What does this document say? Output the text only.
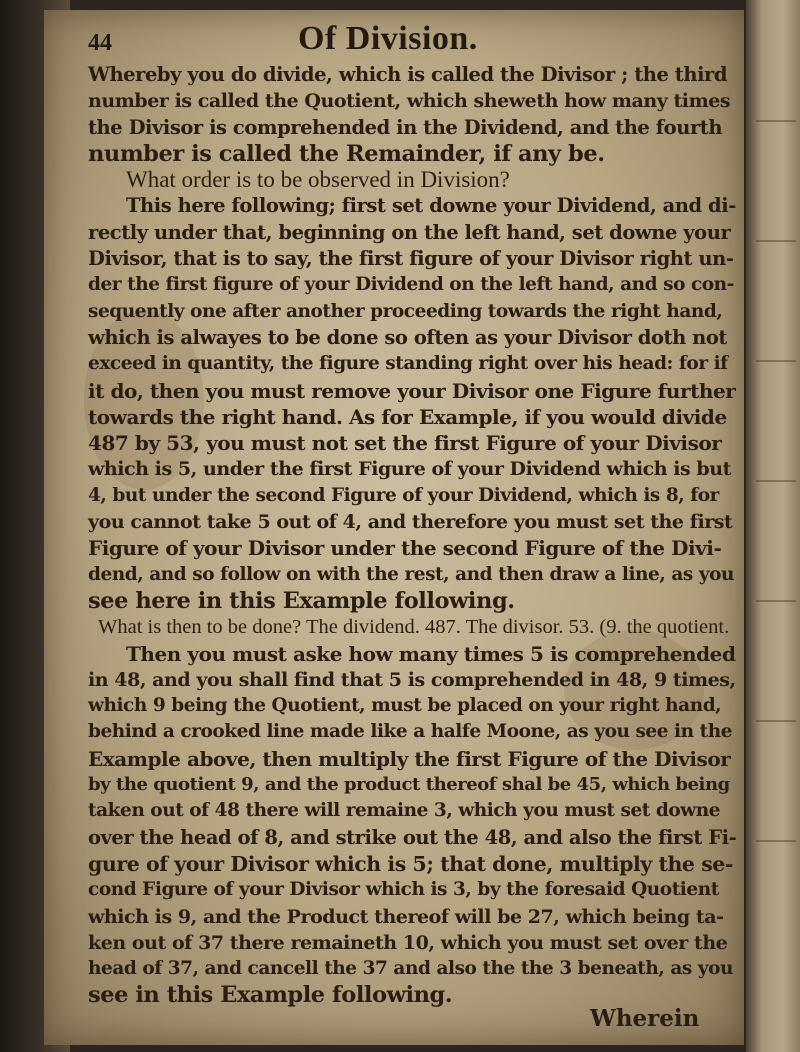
44	Of Division.
Whereby you do divide, which is called the Divisor ; the third
number is called the Quotient, which sheweth how many times
the Divisor is comprehended in the Dividend, and the fourth
number is called the Remainder, if any be.
What order is to be observed in Division?
This here following; first set downe your Dividend, and di-
rectly under that, beginning on the left hand, set downe your
Divisor, that is to say, the first figure of your Divisor right un-
der the first figure of your Dividend on the left hand, and so con-
sequently one after another proceeding towards the right hand,
which is alwayes to be done so often as your Divisor doth not
exceed in quantity, the figure standing right over his head: for if
it do, then you must remove your Divisor one Figure further
towards the right hand. As for Example, if you would divide
487 by 53, you must not set the first Figure of your Divisor
which is 5, under the first Figure of your Dividend which is but
4, but under the second Figure of your Dividend, which is 8, for
you cannot take 5 out of 4, and therefore you must set the first
Figure of your Divisor under the second Figure of the Divi-
dend, and so follow on with the rest, and then draw a line, as you
see here in this Example following.
What is then to be done? The dividend. 487. The divisor. 53. (9. the quotient.
Then you must aske how many times 5 is comprehended
in 48, and you shall find that 5 is comprehended in 48, 9 times,
which 9 being the Quotient, must be placed on your right hand,
behind a crooked line made like a halfe Moone, as you see in the
Example above, then multiply the first Figure of the Divisor
by the quotient 9, and the product thereof shal be 45, which being
taken out of 48 there will remaine 3, which you must set downe
over the head of 8, and strike out the 48, and also the first Fi-
gure of your Divisor which is 5; that done, multiply the se-
cond Figure of your Divisor which is 3, by the foresaid Quotient
which is 9, and the Product thereof will be 27, which being ta-
ken out of 37 there remaineth 10, which you must set over the
head of 37, and cancell the 37 and also the the 3 beneath, as you
see in this Example following.
Wherein
